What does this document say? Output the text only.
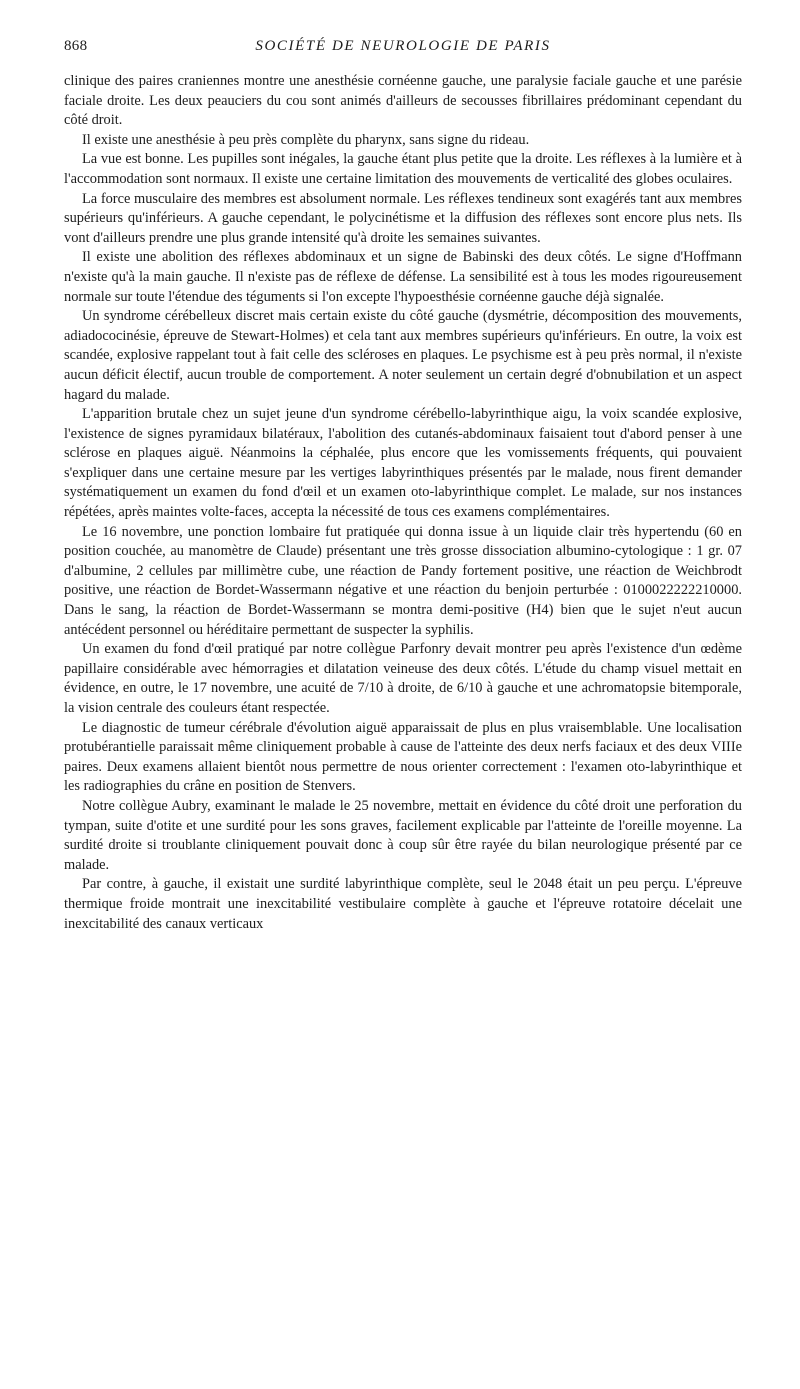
868	SOCIÉTÉ DE NEUROLOGIE DE PARIS

clinique des paires craniennes montre une anesthésie cornéenne gauche, une paralysie faciale gauche et une parésie faciale droite. Les deux peauciers du cou sont animés d'ailleurs de secousses fibrillaires prédominant cependant du côté droit.

Il existe une anesthésie à peu près complète du pharynx, sans signe du rideau.

La vue est bonne. Les pupilles sont inégales, la gauche étant plus petite que la droite. Les réflexes à la lumière et à l'accommodation sont normaux. Il existe une certaine limitation des mouvements de verticalité des globes oculaires.

La force musculaire des membres est absolument normale. Les réflexes tendineux sont exagérés tant aux membres supérieurs qu'inférieurs. A gauche cependant, le polycinétisme et la diffusion des réflexes sont encore plus nets. Ils vont d'ailleurs prendre une plus grande intensité qu'à droite les semaines suivantes.

Il existe une abolition des réflexes abdominaux et un signe de Babinski des deux côtés. Le signe d'Hoffmann n'existe qu'à la main gauche. Il n'existe pas de réflexe de défense. La sensibilité est à tous les modes rigoureusement normale sur toute l'étendue des téguments si l'on excepte l'hypoesthésie cornéenne gauche déjà signalée.

Un syndrome cérébelleux discret mais certain existe du côté gauche (dysmétrie, décomposition des mouvements, adiadococinésie, épreuve de Stewart-Holmes) et cela tant aux membres supérieurs qu'inférieurs. En outre, la voix est scandée, explosive rappelant tout à fait celle des scléroses en plaques. Le psychisme est à peu près normal, il n'existe aucun déficit électif, aucun trouble de comportement. A noter seulement un certain degré d'obnubilation et un aspect hagard du malade.

L'apparition brutale chez un sujet jeune d'un syndrome cérébello-labyrinthique aigu, la voix scandée explosive, l'existence de signes pyramidaux bilatéraux, l'abolition des cutanés-abdominaux faisaient tout d'abord penser à une sclérose en plaques aiguë. Néanmoins la céphalée, plus encore que les vomissements fréquents, qui pouvaient s'expliquer dans une certaine mesure par les vertiges labyrinthiques présentés par le malade, nous firent demander systématiquement un examen du fond d'œil et un examen oto-labyrinthique complet. Le malade, sur nos instances répétées, après maintes volte-faces, accepta la nécessité de tous ces examens complémentaires.

Le 16 novembre, une ponction lombaire fut pratiquée qui donna issue à un liquide clair très hypertendu (60 en position couchée, au manomètre de Claude) présentant une très grosse dissociation albumino-cytologique : 1 gr. 07 d'albumine, 2 cellules par millimètre cube, une réaction de Pandy fortement positive, une réaction de Weichbrodt positive, une réaction de Bordet-Wassermann négative et une réaction du benjoin perturbée : 0100022222210000. Dans le sang, la réaction de Bordet-Wassermann se montra demi-positive (H4) bien que le sujet n'eut aucun antécédent personnel ou héréditaire permettant de suspecter la syphilis.

Un examen du fond d'œil pratiqué par notre collègue Parfonry devait montrer peu après l'existence d'un œdème papillaire considérable avec hémorragies et dilatation veineuse des deux côtés. L'étude du champ visuel mettait en évidence, en outre, le 17 novembre, une acuité de 7/10 à droite, de 6/10 à gauche et une achromatopsie bitemporale, la vision centrale des couleurs étant respectée.

Le diagnostic de tumeur cérébrale d'évolution aiguë apparaissait de plus en plus vraisemblable. Une localisation protubérantielle paraissait même cliniquement probable à cause de l'atteinte des deux nerfs faciaux et des deux VIIIe paires. Deux examens allaient bientôt nous permettre de nous orienter correctement : l'examen oto-labyrinthique et les radiographies du crâne en position de Stenvers.

Notre collègue Aubry, examinant le malade le 25 novembre, mettait en évidence du côté droit une perforation du tympan, suite d'otite et une surdité pour les sons graves, facilement explicable par l'atteinte de l'oreille moyenne. La surdité droite si troublante cliniquement pouvait donc à coup sûr être rayée du bilan neurologique présenté par ce malade.

Par contre, à gauche, il existait une surdité labyrinthique complète, seul le 2048 était un peu perçu. L'épreuve thermique froide montrait une inexcitabilité vestibulaire complète à gauche et l'épreuve rotatoire décelait une inexcitabilité des canaux verticaux
